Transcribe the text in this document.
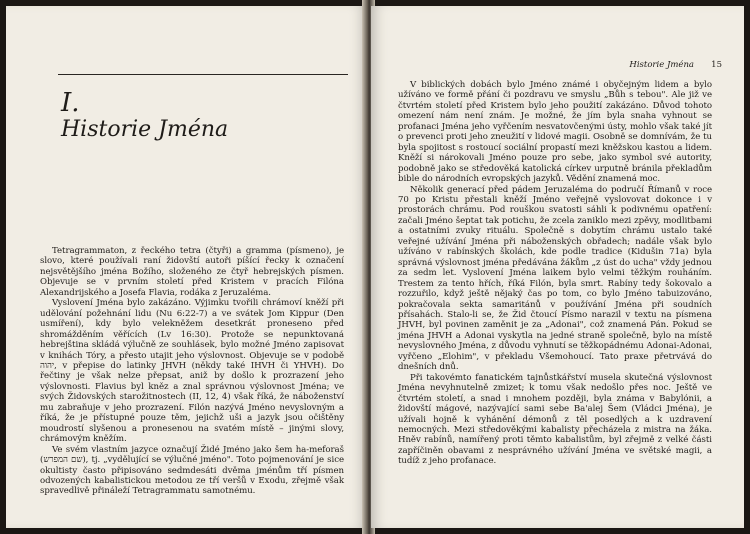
I.
Historie Jména

Tetragrammaton, z řeckého tetra (čtyři) a gramma (písmeno), je slovo, které používali raní židovští autoři píšící řecky k označení nejsvětějšího jména Božího, složeného ze čtyř hebrejských písmen. Objevuje se v prvním století před Kristem v pracích Filóna Alexandrijského a Josefa Flavia, rodáka z Jeruzaléma.

Vyslovení Jména bylo zakázáno. Výjimku tvořili chrámoví kněží při udělování požehnání lidu (Nu 6:22-7) a ve svátek Jom Kippur (Den usmíření), kdy bylo velekněžem desetkrát proneseno před shromážděním věřících (Lv 16:30). Protože se nepunktovaná hebrejština skládá výlučně ze souhlásek, bylo možné Jméno zapisovat v knihách Tóry, a přesto utajit jeho výslovnost. Objevuje se v podobě יהוה, v přepise do latinky JHVH (někdy také IHVH či YHVH). Do řečtiny je však nelze přepsat, aniž by došlo k prozrazení jeho výslovnosti. Flavius byl kněz a znal správnou výslovnost Jména; ve svých Židovských starožitnostech (II, 12, 4) však říká, že náboženství mu zabraňuje v jeho prozrazení. Filón nazývá Jméno nevyslovným a říká, že je přístupné pouze těm, jejichž uši a jazyk jsou očištěny moudrostí slyšenou a pronesenou na svatém místě – jinými slovy, chrámovým kněžím.

Ve svém vlastním jazyce označují Židé Jméno jako šem ha-meforaš (שם המפרש), tj. „vydělující se výlučné jméno". Toto pojmenování je sice okultisty často připisováno sedmdesáti dvěma jménům tří písmen odvozených kabalistickou metodou ze tří veršů v Exodu, zřejmě však spravedlivě přináleží Tetragrammatu samotnému.

Historie Jména 15

V biblických dobách bylo Jméno známé i obyčejným lidem a bylo užíváno ve formě přání či pozdravu ve smyslu „Bůh s tebou". Ale již ve čtvrtém století před Kristem bylo jeho použití zakázáno. Důvod tohoto omezení nám není znám. Je možné, že jím byla snaha vyhnout se profanaci Jména jeho vyřčením nesvatovčenými ústy, mohlo však také jít o prevenci proti jeho zneužití v lidové magii. Osobně se domnívám, že tu byla spojitost s rostoucí sociální propastí mezi kněžskou kastou a lidem. Kněží si nárokovali Jméno pouze pro sebe, jako symbol své autority, podobně jako se středověká katolická církev urputně bránila překladům bible do národních evropských jazyků. Vědění znamená moc.

Několik generací před pádem Jeruzaléma do područí Římanů v roce 70 po Kristu přestali kněží Jméno veřejně vyslovovat dokonce i v prostorách chrámu. Pod rouškou svatosti sáhli k podivnému opatření: začali Jméno šeptat tak potichu, že zcela zaniklo mezi zpěvy, modlitbami a ostatními zvuky rituálu. Společně s dobytím chrámu ustalo také veřejné užívání Jména při náboženských obřadech; nadále však bylo užíváno v rabínských školách, kde podle tradice (Kidušin 71a) byla správná výslovnost jména předávána žákům „z úst do ucha" vždy jednou za sedm let. Vyslovení Jména laikem bylo velmi těžkým rouháním. Trestem za tento hřích, říká Filón, byla smrt. Rabíny tedy šokovalo a rozzuřilo, když ještě nějaký čas po tom, co bylo Jméno tabuizováno, pokračovala sekta samaritánů v používání Jména při soudních přísahách. Stalo-li se, že Žid čtoucí Písmo narazil v textu na písmena JHVH, byl povinen zaměnit je za „Adonai", což znamená Pán. Pokud se jména JHVH a Adonai vyskytla na jedné straně společně, bylo na místě nevyslovného Jména, z důvodu vyhnutí se těžkopádnému Adonai-Adonai, vyřčeno „Elohim", v překladu Všemohoucí. Tato praxe přetrvává do dnešních dnů.

Při takovémto fanatickém tajnůstkářství musela skutečná výslovnost Jména nevyhnutelně zmizet; k tomu však nedošlo přes noc. Ještě ve čtvrtém století, a snad i mnohem později, byla známa v Babylónii, a židovští mágové, nazývající sami sebe Ba'alej Šem (Vládci Jména), je užívali hojně k vyhánění démonů z těl posedlých a k uzdravení nemocných. Mezi středověkými kabalisty přecházela z mistra na žáka. Hněv rabínů, namířený proti těmto kabalistům, byl zřejmě z velké části zapříčiněn obavami z nesprávného užívání Jména ve světské magii, a tudíž z jeho profanace.
